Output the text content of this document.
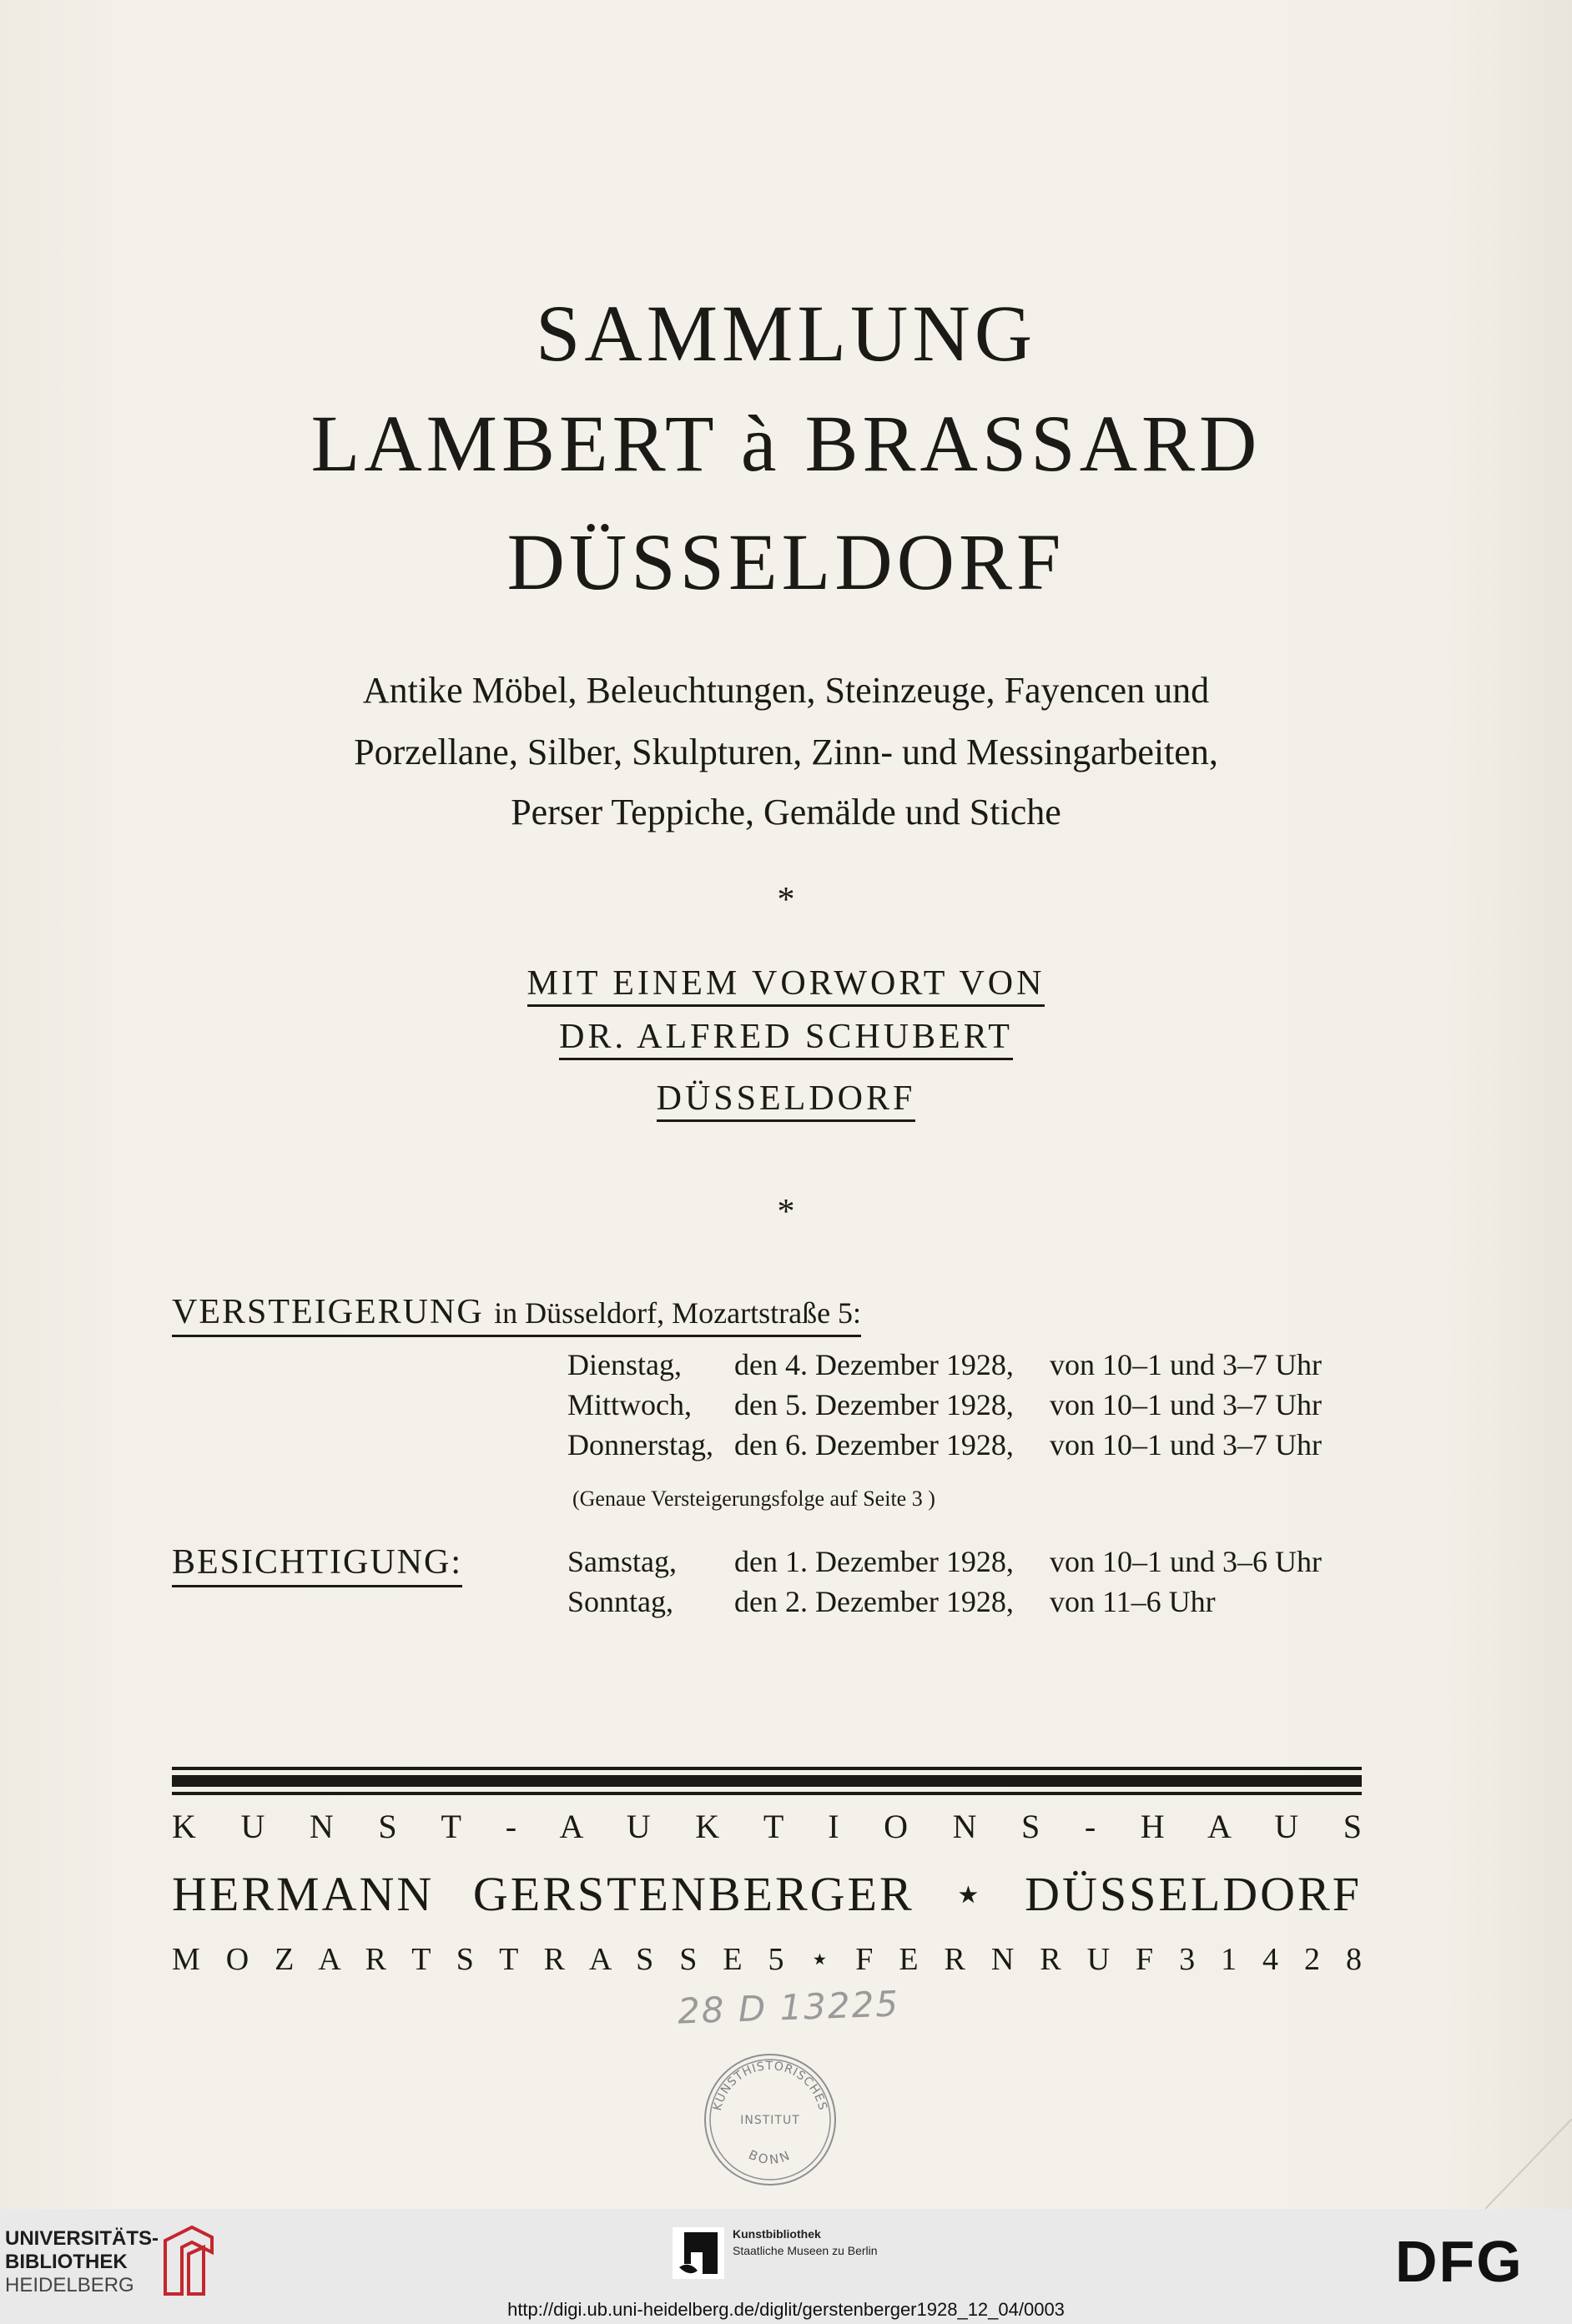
SAMMLUNG
LAMBERT à BRASSARD
DÜSSELDORF
Antike Möbel, Beleuchtungen, Steinzeuge, Fayencen und
Porzellane, Silber, Skulpturen, Zinn- und Messingarbeiten,
Perser Teppiche, Gemälde und Stiche
*
MIT EINEM VORWORT VON
DR. ALFRED SCHUBERT
DÜSSELDORF
*
VERSTEIGERUNG in Düsseldorf, Mozartstraße 5:
Dienstag, den 4. Dezember 1928, von 10–1 und 3–7 Uhr
Mittwoch, den 5. Dezember 1928, von 10–1 und 3–7 Uhr
Donnerstag, den 6. Dezember 1928, von 10–1 und 3–7 Uhr
(Genaue Versteigerungsfolge auf Seite 3 )
BESICHTIGUNG:	Samstag, den 1. Dezember 1928, von 10–1 und 3–6 Uhr
Sonntag, den 2. Dezember 1928, von 11–6 Uhr
K U N S T - A U K T I O N S - H A U S
HERMANN GERSTENBERGER ⋆ DÜSSELDORF
M O Z A R T S T R A S S E 5 ⋆ F E R N R U F 3 1 4 2 8
28 D 13225
KUNSTHISTORISCHES
INSTITUT
BONN
UNIVERSITÄTS-
BIBLIOTHEK
HEIDELBERG
Kunstbibliothek
Staatliche Museen zu Berlin	DFG
http://digi.ub.uni-heidelberg.de/diglit/gerstenberger1928_12_04/0003
